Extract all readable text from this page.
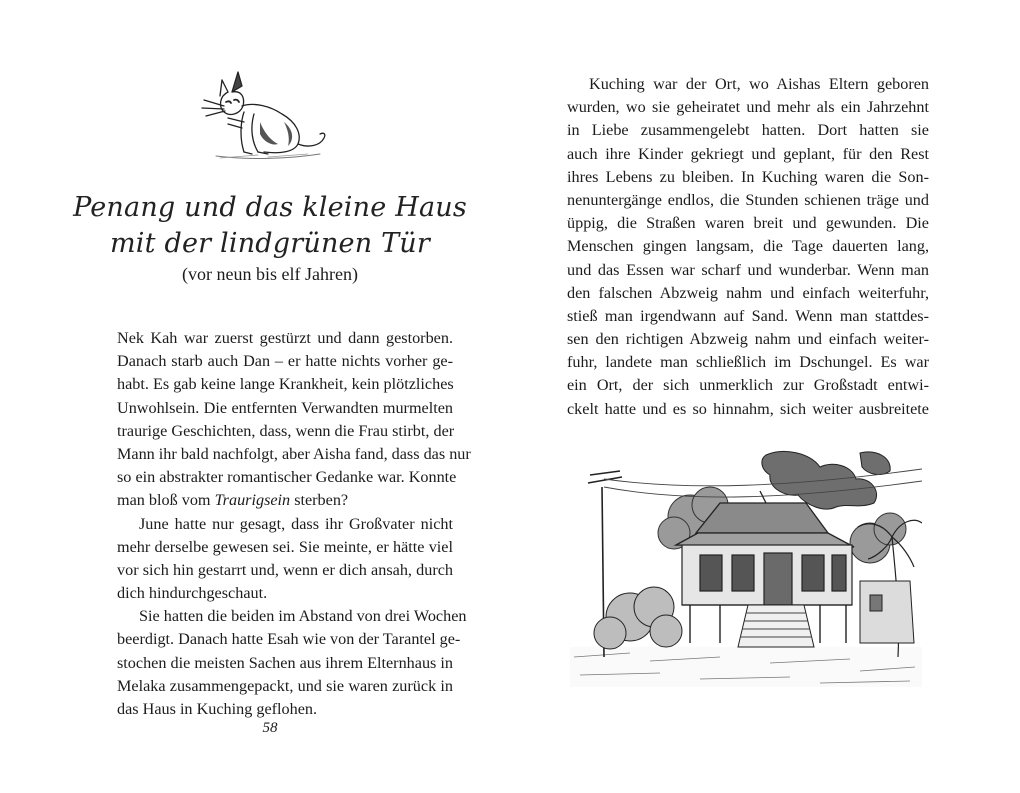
Penang und das kleine Haus
mit der lindgrünen Tür
(vor neun bis elf Jahren)
Nek Kah war zuerst gestürzt und dann gestorben.
Danach starb auch Dan – er hatte nichts vorher ge-
habt. Es gab keine lange Krankheit, kein plötzliches
Unwohlsein. Die entfernten Verwandten murmelten
traurige Geschichten, dass, wenn die Frau stirbt, der
Mann ihr bald nachfolgt, aber Aisha fand, dass das nur
so ein abstrakter romantischer Gedanke war. Konnte
man bloß vom Traurigsein sterben?
June hatte nur gesagt, dass ihr Großvater nicht
mehr derselbe gewesen sei. Sie meinte, er hätte viel
vor sich hin gestarrt und, wenn er dich ansah, durch
dich hindurchgeschaut.
Sie hatten die beiden im Abstand von drei Wochen
beerdigt. Danach hatte Esah wie von der Tarantel ge-
stochen die meisten Sachen aus ihrem Elternhaus in
Melaka zusammengepackt, und sie waren zurück in
das Haus in Kuching geflohen.
58
Kuching war der Ort, wo Aishas Eltern geboren
wurden, wo sie geheiratet und mehr als ein Jahrzehnt
in Liebe zusammengelebt hatten. Dort hatten sie
auch ihre Kinder gekriegt und geplant, für den Rest
ihres Lebens zu bleiben. In Kuching waren die Son-
nenuntergänge endlos, die Stunden schienen träge und
üppig, die Straßen waren breit und gewunden. Die
Menschen gingen langsam, die Tage dauerten lang,
und das Essen war scharf und wunderbar. Wenn man
den falschen Abzweig nahm und einfach weiterfuhr,
stieß man irgendwann auf Sand. Wenn man stattdes-
sen den richtigen Abzweig nahm und einfach weiter-
fuhr, landete man schließlich im Dschungel. Es war
ein Ort, der sich unmerklich zur Großstadt entwi-
ckelt hatte und es so hinnahm, sich weiter ausbreitete
